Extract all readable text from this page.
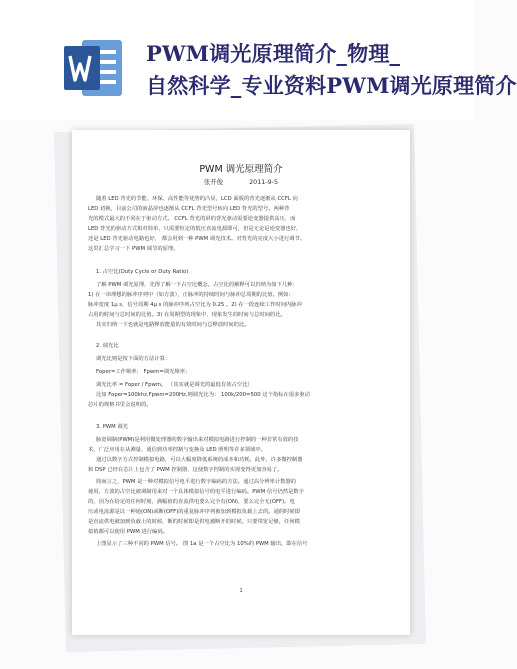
PWM调光原理简介_物理_
自然科学_专业资料PWM调光原理简介
PWM 调光原理简介
张开俊	2011-9-5
随着 LED 背光的节能、环保、高性能等优势的凸显，LCD 面板的背光逐渐从 CCFL 向
LED 切换，目前公司的液晶屏也逐渐从 CCFL 背光型号转向 LED 背光的型号。两种背
光的模式最大的不同在于驱动方式。 CCFL 背光的屏的背光驱动需要逆变器提供高压，而
LED 背光的驱动方式相对简单，只需要恒定的低压直流电源即可，但是无论是逆变器也好，
还是 LED 背光驱动电路也好， 都会用到一种 PWM 调光技术。对背光的亮度大小进行调节。
这里汇总学习一下 PWM 调节的原理。
1. 占空比(Duty Cycle or Duty Ratio)
了解 PWM 调光原理，先得了解一下占空比概念。占空比的解释可以归纳为如下几种：
1) 在一串理想的脉冲序列中（如方波），正脉冲的持续时间与脉冲总周期的比值。例如：
脉冲宽度 1μ s，信号周期 4μ s 的脉冲序列占空比为 0.25 。2) 在一段连续工作时间内脉冲
占用的时间与总时间的比值。3) 在周期型的现象中，现象发生的时间与总时间的比。
其实归纳一下也就是电路释放能量的有效时间与总释放时间的比。
2. 调光比
调光比则是按下面的方法计算：
Foper=工作频率； Fpwm=调光频率；
调光比率 = Foper / Fpwm。 （其实就是调光的最低有效占空比）
比如 Foper=100khz,Fpwm=200Hz,则调光比为： 100k/200=500 这个指标在很多驱动
芯片的规格书里会说明的。
3. PWM 调光
脉宽调制(PWM)是利用微处理器的数字输出来对模拟电路进行控制的一种非常有效的技
术，广泛应用在从测量、通信到功率控制与变换及 LED 照明等许多领域中。
通过以数字方式控制模拟电路，可以大幅度降低系统的成本和功耗。此外，许多微控制器
和 DSP 已经在芯片上包含了 PWM 控制器，这使数字控制的实现变得更加容易了。
简而言之，PWM 是一种对模拟信号电平进行数字编码的方法。通过高分辨率计数器的
使用，方波的占空比被调制用来对一个具体模拟信号的电平进行编码。PWM 信号仍然是数字
的，因为在给定的任何时刻，满幅值的直流供电要么完全有(ON)，要么完全无(OFF)。电
压或电流源是以一种通(ON)或断(OFF)的重复脉冲序列被加到模拟负载上去的。通的时候即
是直流供电被加到负载上的时候，断的时候即是供电被断开的时候。只要带宽足够，任何模
拟值都可以使用 PWM 进行编码。
上图显示了三种不同的 PWM 信号。 图 1a 是一个占空比为 10%的 PWM 输出，即在信号
1
